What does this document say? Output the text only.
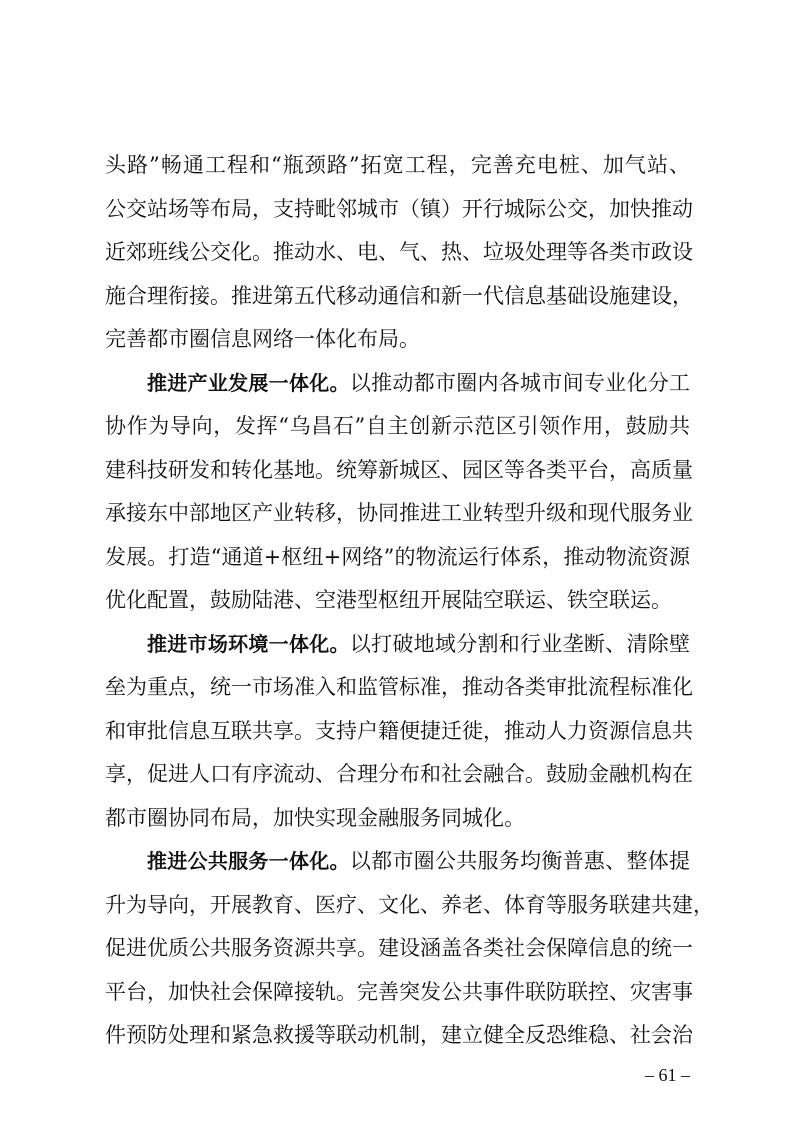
头路”畅通工程和“瓶颈路”拓宽工程，完善充电桩、加气站、
公交站场等布局，支持毗邻城市（镇）开行城际公交，加快推动
近郊班线公交化。推动水、电、气、热、垃圾处理等各类市政设
施合理衔接。推进第五代移动通信和新一代信息基础设施建设，
完善都市圈信息网络一体化布局。
推进产业发展一体化。以推动都市圈内各城市间专业化分工
协作为导向，发挥“乌昌石”自主创新示范区引领作用，鼓励共
建科技研发和转化基地。统筹新城区、园区等各类平台，高质量
承接东中部地区产业转移，协同推进工业转型升级和现代服务业
发展。打造“通道+枢纽+网络”的物流运行体系，推动物流资源
优化配置，鼓励陆港、空港型枢纽开展陆空联运、铁空联运。
推进市场环境一体化。以打破地域分割和行业垄断、清除壁
垒为重点，统一市场准入和监管标准，推动各类审批流程标准化
和审批信息互联共享。支持户籍便捷迁徙，推动人力资源信息共
享，促进人口有序流动、合理分布和社会融合。鼓励金融机构在
都市圈协同布局，加快实现金融服务同城化。
推进公共服务一体化。以都市圈公共服务均衡普惠、整体提
升为导向，开展教育、医疗、文化、养老、体育等服务联建共建，
促进优质公共服务资源共享。建设涵盖各类社会保障信息的统一
平台，加快社会保障接轨。完善突发公共事件联防联控、灾害事
件预防处理和紧急救援等联动机制，建立健全反恐维稳、社会治
– 61 –
